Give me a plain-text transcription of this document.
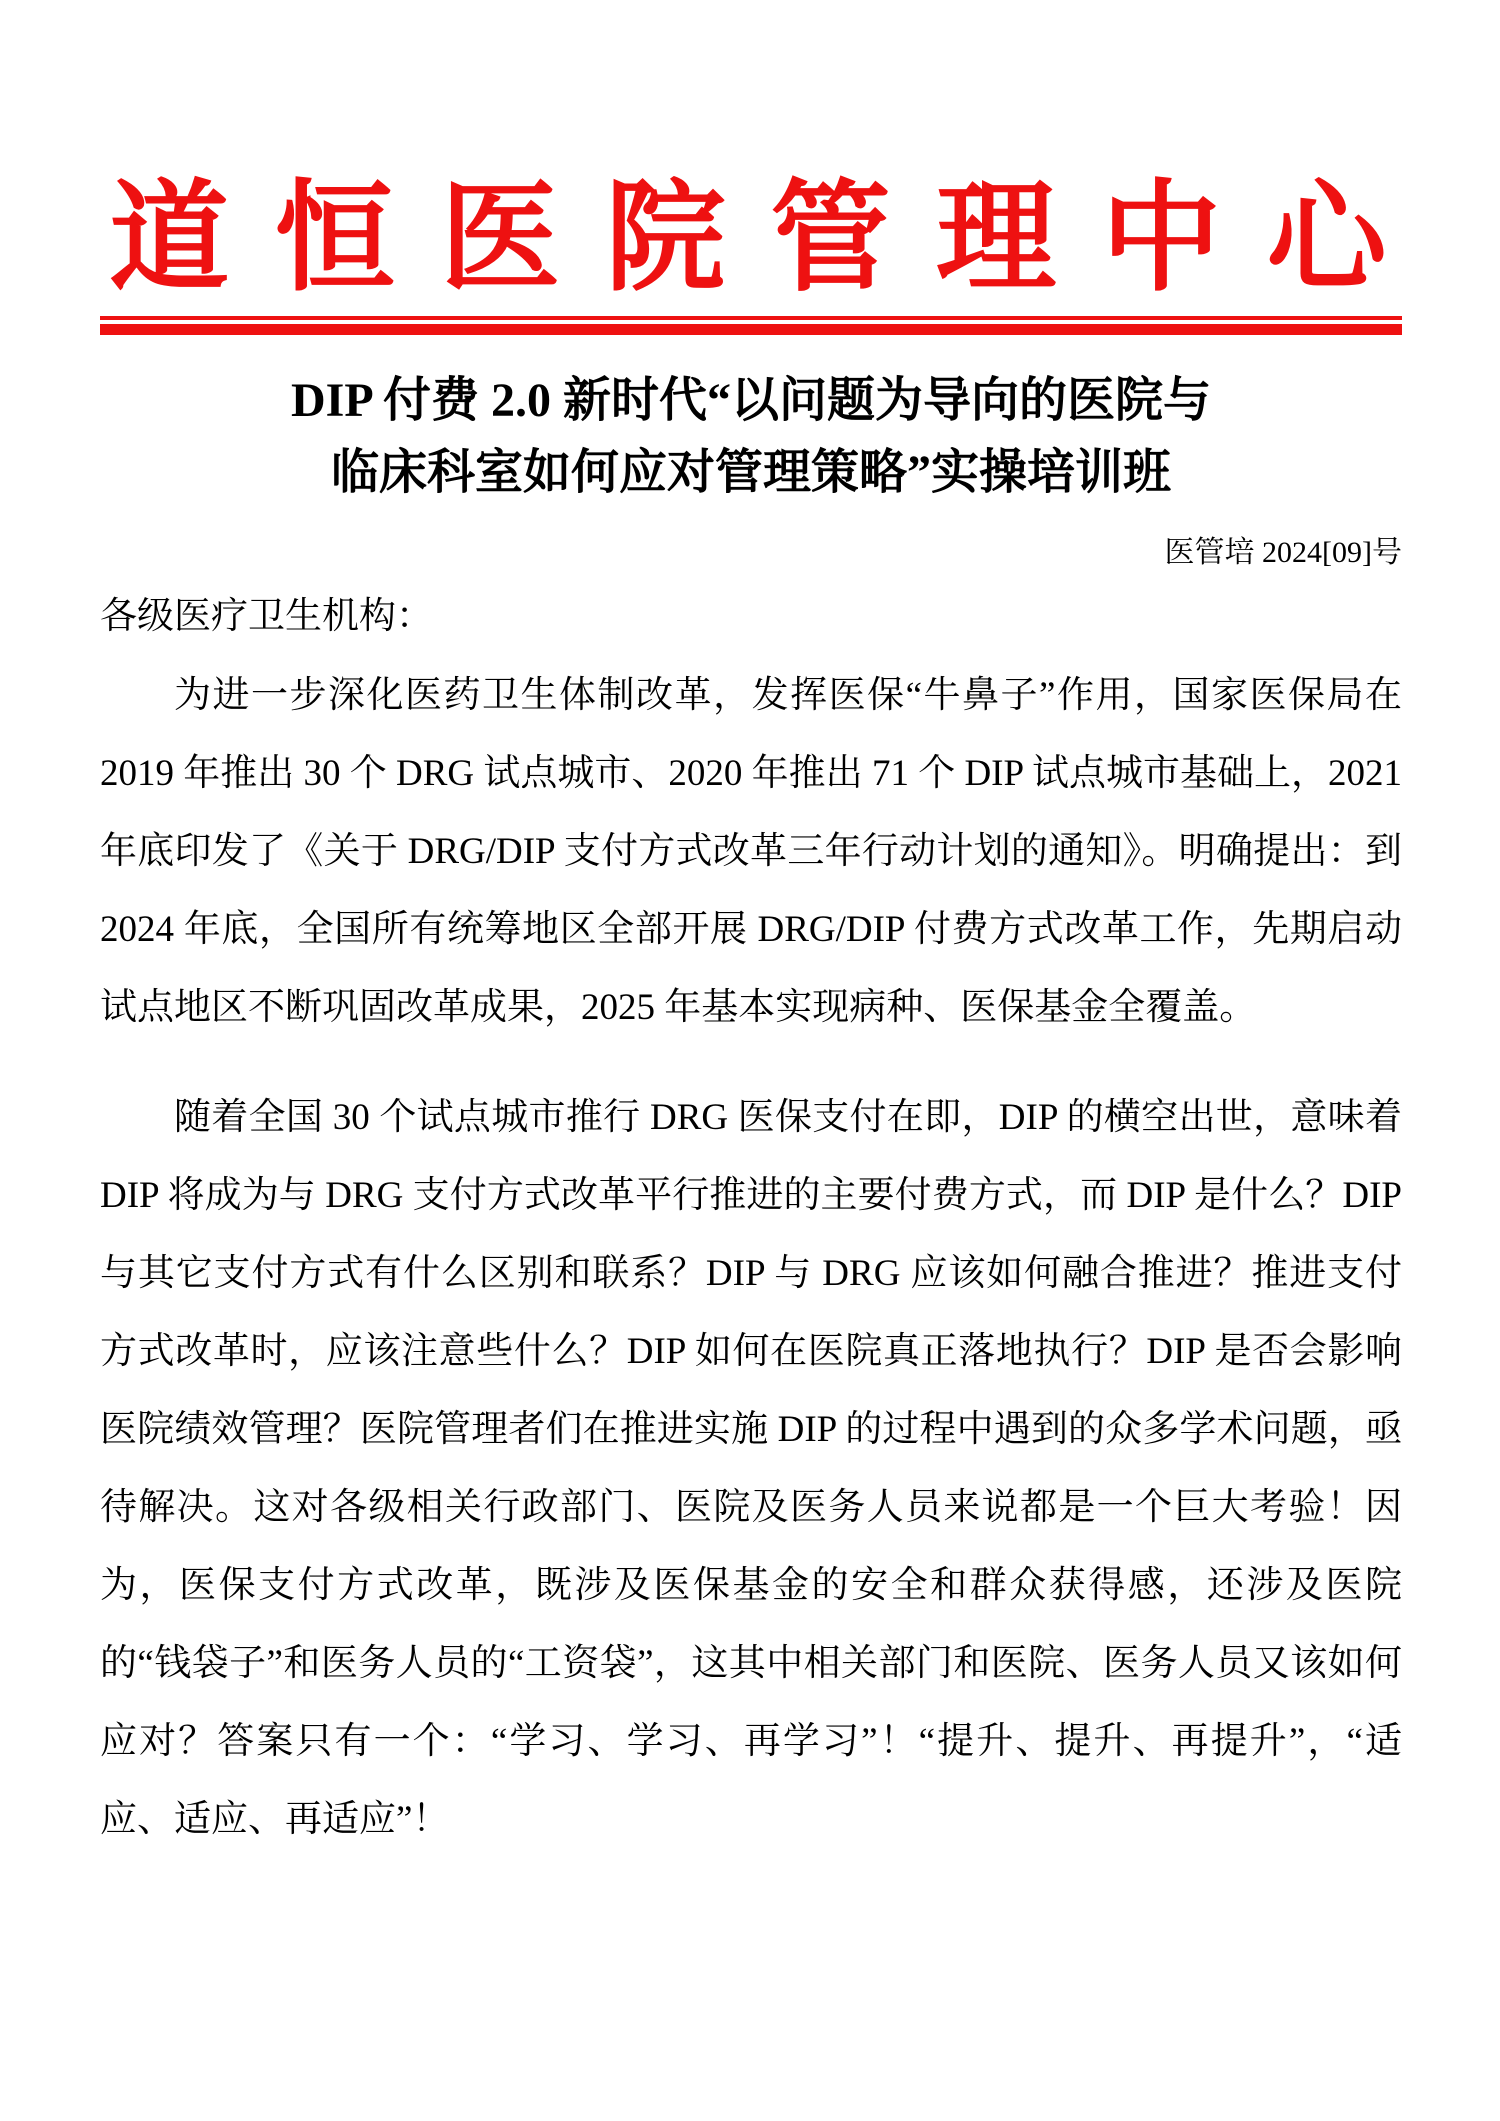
道 恒 医 院 管 理 中 心
DIP 付费 2.0 新时代“以问题为导向的医院与
临床科室如何应对管理策略”实操培训班
医管培 2024[09]号
各级医疗卫生机构：

为进一步深化医药卫生体制改革，发挥医保“牛鼻子”作用，国家医保局在 2019 年推出 30 个 DRG 试点城市、2020 年推出 71 个 DIP 试点城市基础上，2021 年底印发了《关于 DRG/DIP 支付方式改革三年行动计划的通知》。明确提出：到 2024 年底，全国所有统筹地区全部开展 DRG/DIP 付费方式改革工作，先期启动试点地区不断巩固改革成果，2025 年基本实现病种、医保基金全覆盖。

随着全国 30 个试点城市推行 DRG 医保支付在即，DIP 的横空出世，意味着 DIP 将成为与 DRG 支付方式改革平行推进的主要付费方式，而 DIP 是什么？DIP 与其它支付方式有什么区别和联系？DIP 与 DRG 应该如何融合推进？推进支付方式改革时，应该注意些什么？DIP 如何在医院真正落地执行？DIP 是否会影响医院绩效管理？医院管理者们在推进实施 DIP 的过程中遇到的众多学术问题，亟待解决。这对各级相关行政部门、医院及医务人员来说都是一个巨大考验！因为，医保支付方式改革，既涉及医保基金的安全和群众获得感，还涉及医院的“钱袋子”和医务人员的“工资袋”，这其中相关部门和医院、医务人员又该如何应对？答案只有一个：“学习、学习、再学习”！“提升、提升、再提升”，“适应、适应、再适应”！
